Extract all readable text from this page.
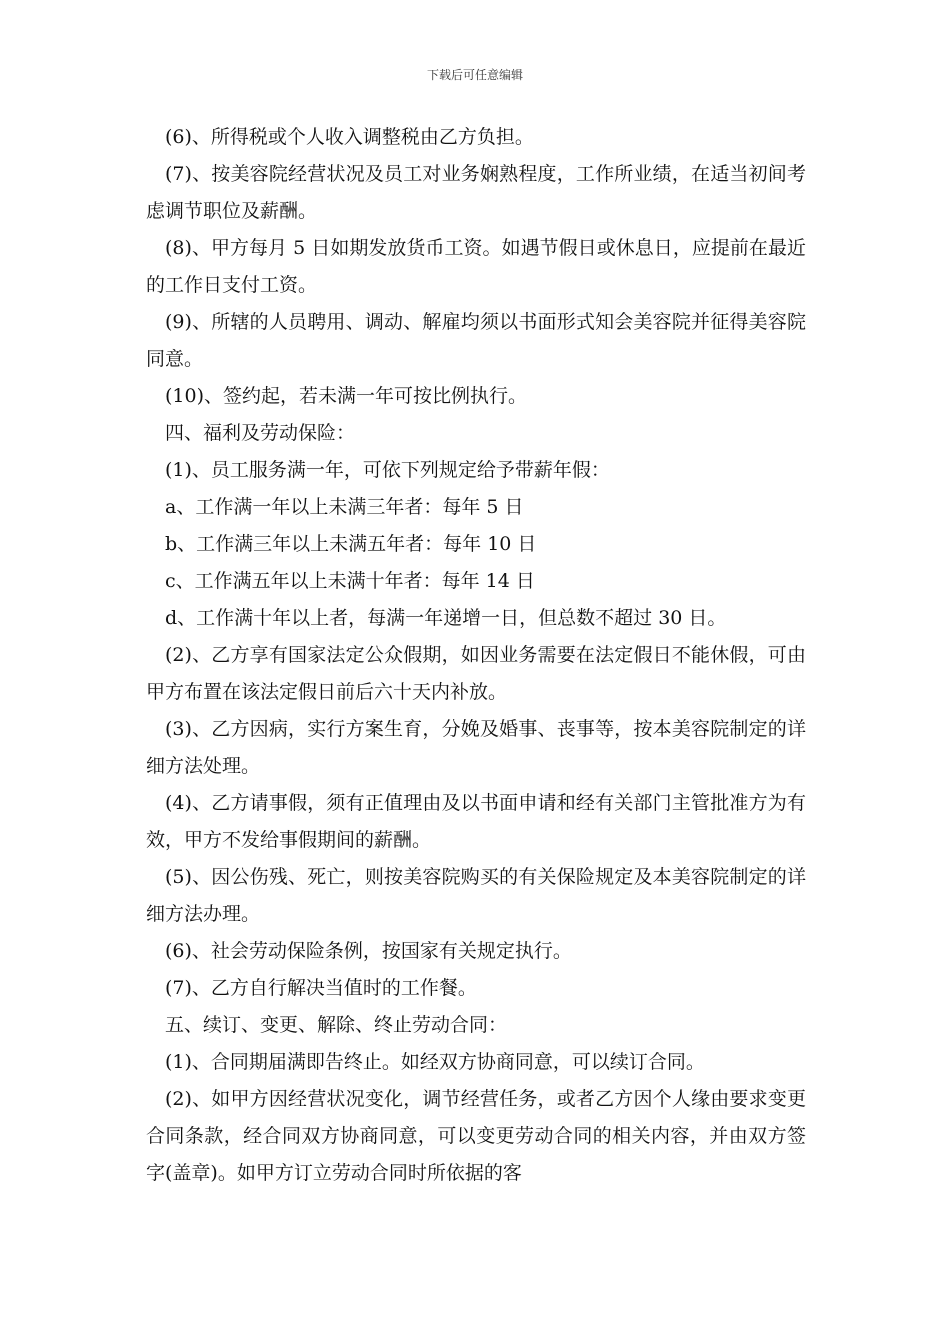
下载后可任意编辑

(6)、所得税或个人收入调整税由乙方负担。

(7)、按美容院经营状况及员工对业务娴熟程度，工作所业绩，在适当初间考虑调节职位及薪酬。

(8)、甲方每月 5 日如期发放货币工资。如遇节假日或休息日，应提前在最近的工作日支付工资。

(9)、所辖的人员聘用、调动、解雇均须以书面形式知会美容院并征得美容院同意。

(10)、签约起，若未满一年可按比例执行。

四、福利及劳动保险：

(1)、员工服务满一年，可依下列规定给予带薪年假：

a、工作满一年以上未满三年者：每年 5 日

b、工作满三年以上未满五年者：每年 10 日

c、工作满五年以上未满十年者：每年 14 日

d、工作满十年以上者，每满一年递增一日，但总数不超过 30 日。

(2)、乙方享有国家法定公众假期，如因业务需要在法定假日不能休假，可由甲方布置在该法定假日前后六十天内补放。

(3)、乙方因病，实行方案生育，分娩及婚事、丧事等，按本美容院制定的详细方法处理。

(4)、乙方请事假，须有正值理由及以书面申请和经有关部门主管批准方为有效，甲方不发给事假期间的薪酬。

(5)、因公伤残、死亡，则按美容院购买的有关保险规定及本美容院制定的详细方法办理。

(6)、社会劳动保险条例，按国家有关规定执行。

(7)、乙方自行解决当值时的工作餐。

五、续订、变更、解除、终止劳动合同：

(1)、合同期届满即告终止。如经双方协商同意，可以续订合同。

(2)、如甲方因经营状况变化，调节经营任务，或者乙方因个人缘由要求变更合同条款，经合同双方协商同意，可以变更劳动合同的相关内容，并由双方签字(盖章)。如甲方订立劳动合同时所依据的客
